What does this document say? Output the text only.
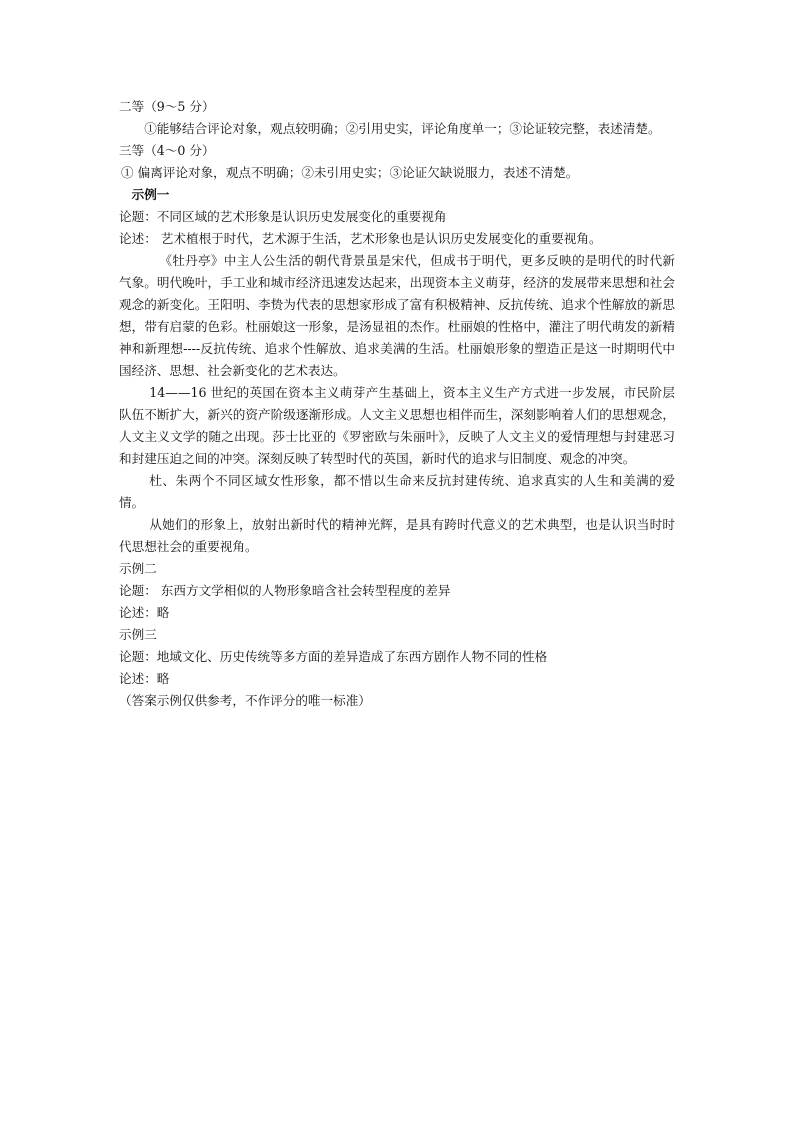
二等（9～5 分）

①能够结合评论对象，观点较明确；②引用史实，评论角度单一；③论证较完整，表述清楚。

三等（4～0 分）

① 偏离评论对象，观点不明确；②未引用史实；③论证欠缺说服力，表述不清楚。

示例一

论题：不同区域的艺术形象是认识历史发展变化的重要视角

论述： 艺术植根于时代，艺术源于生活，艺术形象也是认识历史发展变化的重要视角。

《牡丹亭》中主人公生活的朝代背景虽是宋代，但成书于明代，更多反映的是明代的时代新气象。明代晚叶，手工业和城市经济迅速发达起来，出现资本主义萌芽，经济的发展带来思想和社会观念的新变化。王阳明、李贽为代表的思想家形成了富有积极精神、反抗传统、追求个性解放的新思想，带有启蒙的色彩。杜丽娘这一形象，是汤显祖的杰作。杜丽娘的性格中，灌注了明代萌发的新精神和新理想----反抗传统、追求个性解放、追求美满的生活。杜丽娘形象的塑造正是这一时期明代中国经济、思想、社会新变化的艺术表达。

14——16 世纪的英国在资本主义萌芽产生基础上，资本主义生产方式进一步发展，市民阶层队伍不断扩大，新兴的资产阶级逐渐形成。人文主义思想也相伴而生，深刻影响着人们的思想观念，人文主义文学的随之出现。莎士比亚的《罗密欧与朱丽叶》，反映了人文主义的爱情理想与封建恶习和封建压迫之间的冲突。深刻反映了转型时代的英国，新时代的追求与旧制度、观念的冲突。

杜、朱两个不同区域女性形象，都不惜以生命来反抗封建传统、追求真实的人生和美满的爱情。

从她们的形象上，放射出新时代的精神光辉，是具有跨时代意义的艺术典型，也是认识当时时代思想社会的重要视角。

示例二

论题： 东西方文学相似的人物形象暗含社会转型程度的差异

论述：略

示例三

论题：地域文化、历史传统等多方面的差异造成了东西方剧作人物不同的性格

论述：略

（答案示例仅供参考，不作评分的唯一标准）
